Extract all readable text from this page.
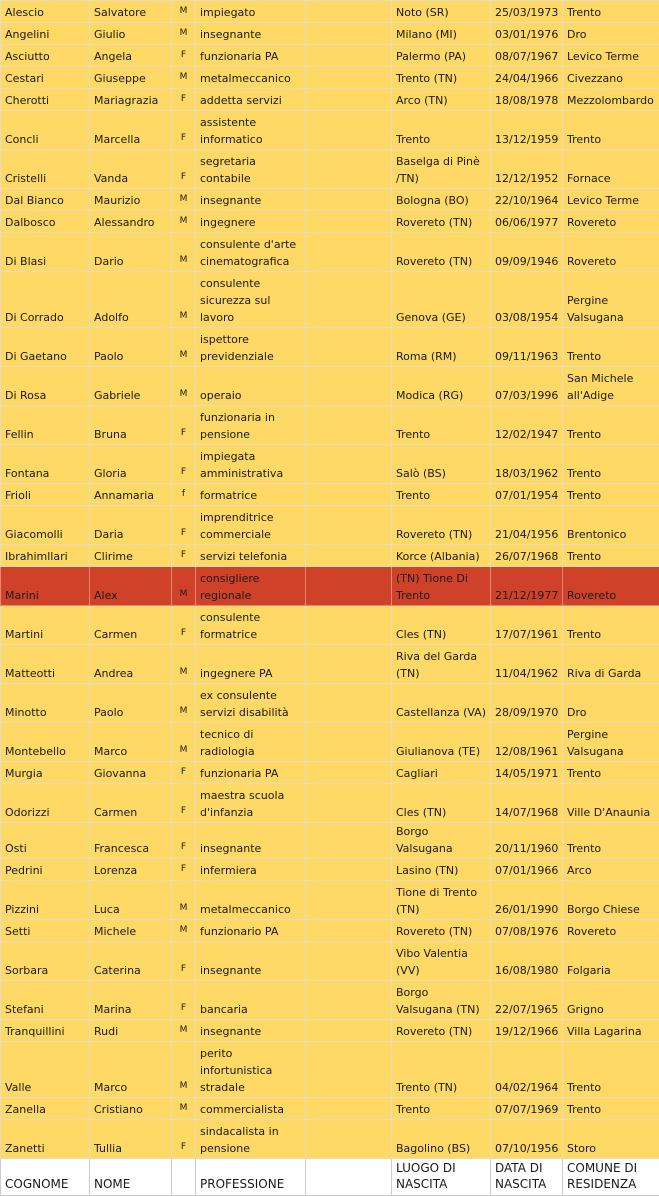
Alescio	Salvatore	M	impiegato		Noto (SR)	25/03/1973	Trento
Angelini	Giulio	M	insegnante		Milano (MI)	03/01/1976	Dro
Asciutto	Angela	F	funzionaria PA		Palermo (PA)	08/07/1967	Levico Terme
Cestari	Giuseppe	M	metalmeccanico		Trento (TN)	24/04/1966	Civezzano
Cherotti	Mariagrazia	F	addetta servizi		Arco (TN)	18/08/1978	Mezzolombardo
Concli	Marcella	F	assistente informatico		Trento	13/12/1959	Trento
Cristelli	Vanda	F	segretaria contabile		Baselga di Pinè /TN)	12/12/1952	Fornace
Dal Bianco	Maurizio	M	insegnante		Bologna (BO)	22/10/1964	Levico Terme
Dalbosco	Alessandro	M	ingegnere		Rovereto (TN)	06/06/1977	Rovereto
Di Blasi	Dario	M	consulente d'arte cinematografica		Rovereto (TN)	09/09/1946	Rovereto
Di Corrado	Adolfo	M	consulente sicurezza sul lavoro		Genova (GE)	03/08/1954	Pergine Valsugana
Di Gaetano	Paolo	M	ispettore previdenziale		Roma (RM)	09/11/1963	Trento
Di Rosa	Gabriele	M	operaio		Modica (RG)	07/03/1996	San Michele all'Adige
Fellin	Bruna	F	funzionaria in pensione		Trento	12/02/1947	Trento
Fontana	Gloria	F	impiegata amministrativa		Salò (BS)	18/03/1962	Trento
Frioli	Annamaria	f	formatrice		Trento	07/01/1954	Trento
Giacomolli	Daria	F	imprenditrice commerciale		Rovereto (TN)	21/04/1956	Brentonico
Ibrahimllari	Clirime	F	servizi telefonia		Korce (Albania)	26/07/1968	Trento
Marini	Alex	M	consigliere regionale		(TN) Tione Di Trento	21/12/1977	Rovereto
Martini	Carmen	F	consulente formatrice		Cles (TN)	17/07/1961	Trento
Matteotti	Andrea	M	ingegnere PA		Riva del Garda (TN)	11/04/1962	Riva di Garda
Minotto	Paolo	M	ex consulente servizi disabilità		Castellanza (VA)	28/09/1970	Dro
Montebello	Marco	M	tecnico di radiologia		Giulianova (TE)	12/08/1961	Pergine Valsugana
Murgia	Giovanna	F	funzionaria PA		Cagliari	14/05/1971	Trento
Odorizzi	Carmen	F	maestra scuola d'infanzia		Cles (TN)	14/07/1968	Ville D'Anaunia
Osti	Francesca	F	insegnante		Borgo Valsugana	20/11/1960	Trento
Pedrini	Lorenza	F	infermiera		Lasino (TN)	07/01/1966	Arco
Pizzini	Luca	M	metalmeccanico		Tione di Trento (TN)	26/01/1990	Borgo Chiese
Setti	Michele	M	funzionario PA		Rovereto (TN)	07/08/1976	Rovereto
Sorbara	Caterina	F	insegnante		Vibo Valentia (VV)	16/08/1980	Folgaria
Stefani	Marina	F	bancaria		Borgo Valsugana (TN)	22/07/1965	Grigno
Tranquillini	Rudi	M	insegnante		Rovereto (TN)	19/12/1966	Villa Lagarina
Valle	Marco	M	perito infortunistica stradale		Trento (TN)	04/02/1964	Trento
Zanella	Cristiano	M	commercialista		Trento	07/07/1969	Trento
Zanetti	Tullia	F	sindacalista in pensione		Bagolino (BS)	07/10/1956	Storo
COGNOME	NOME		PROFESSIONE		LUOGO DI NASCITA	DATA DI NASCITA	COMUNE DI RESIDENZA
